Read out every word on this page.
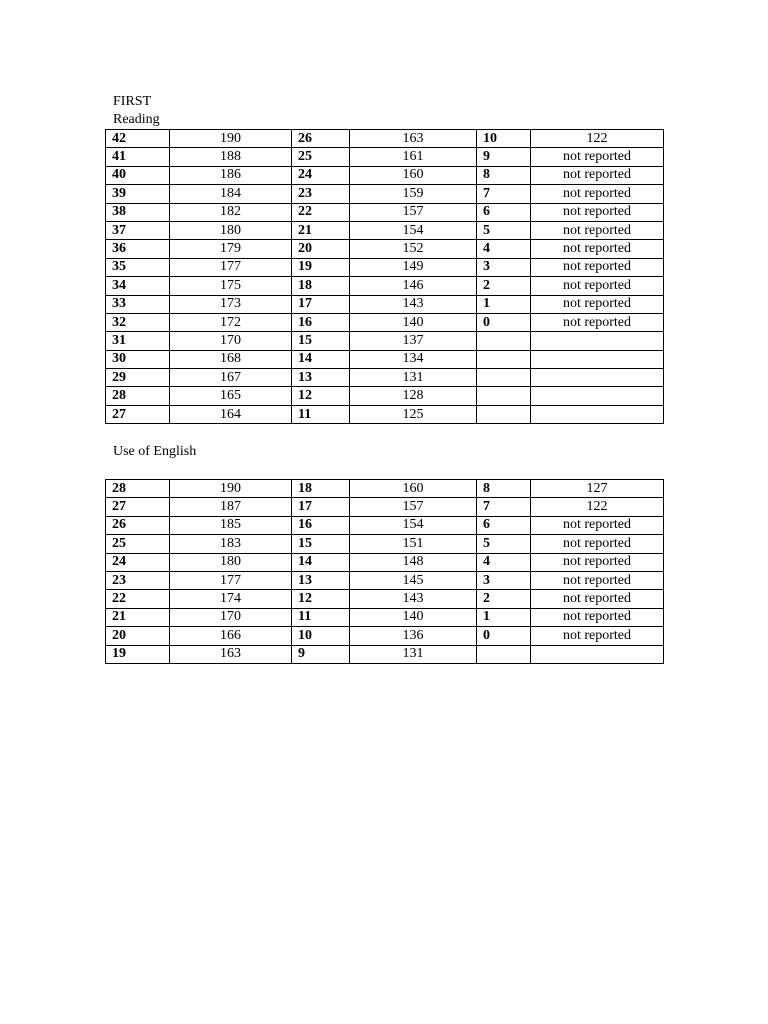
FIRST
Reading
42	190	26	163	10	122
41	188	25	161	9	not reported
40	186	24	160	8	not reported
39	184	23	159	7	not reported
38	182	22	157	6	not reported
37	180	21	154	5	not reported
36	179	20	152	4	not reported
35	177	19	149	3	not reported
34	175	18	146	2	not reported
33	173	17	143	1	not reported
32	172	16	140	0	not reported
31	170	15	137		
30	168	14	134		
29	167	13	131		
28	165	12	128		
27	164	11	125		
Use of English
28	190	18	160	8	127
27	187	17	157	7	122
26	185	16	154	6	not reported
25	183	15	151	5	not reported
24	180	14	148	4	not reported
23	177	13	145	3	not reported
22	174	12	143	2	not reported
21	170	11	140	1	not reported
20	166	10	136	0	not reported
19	163	9	131		
